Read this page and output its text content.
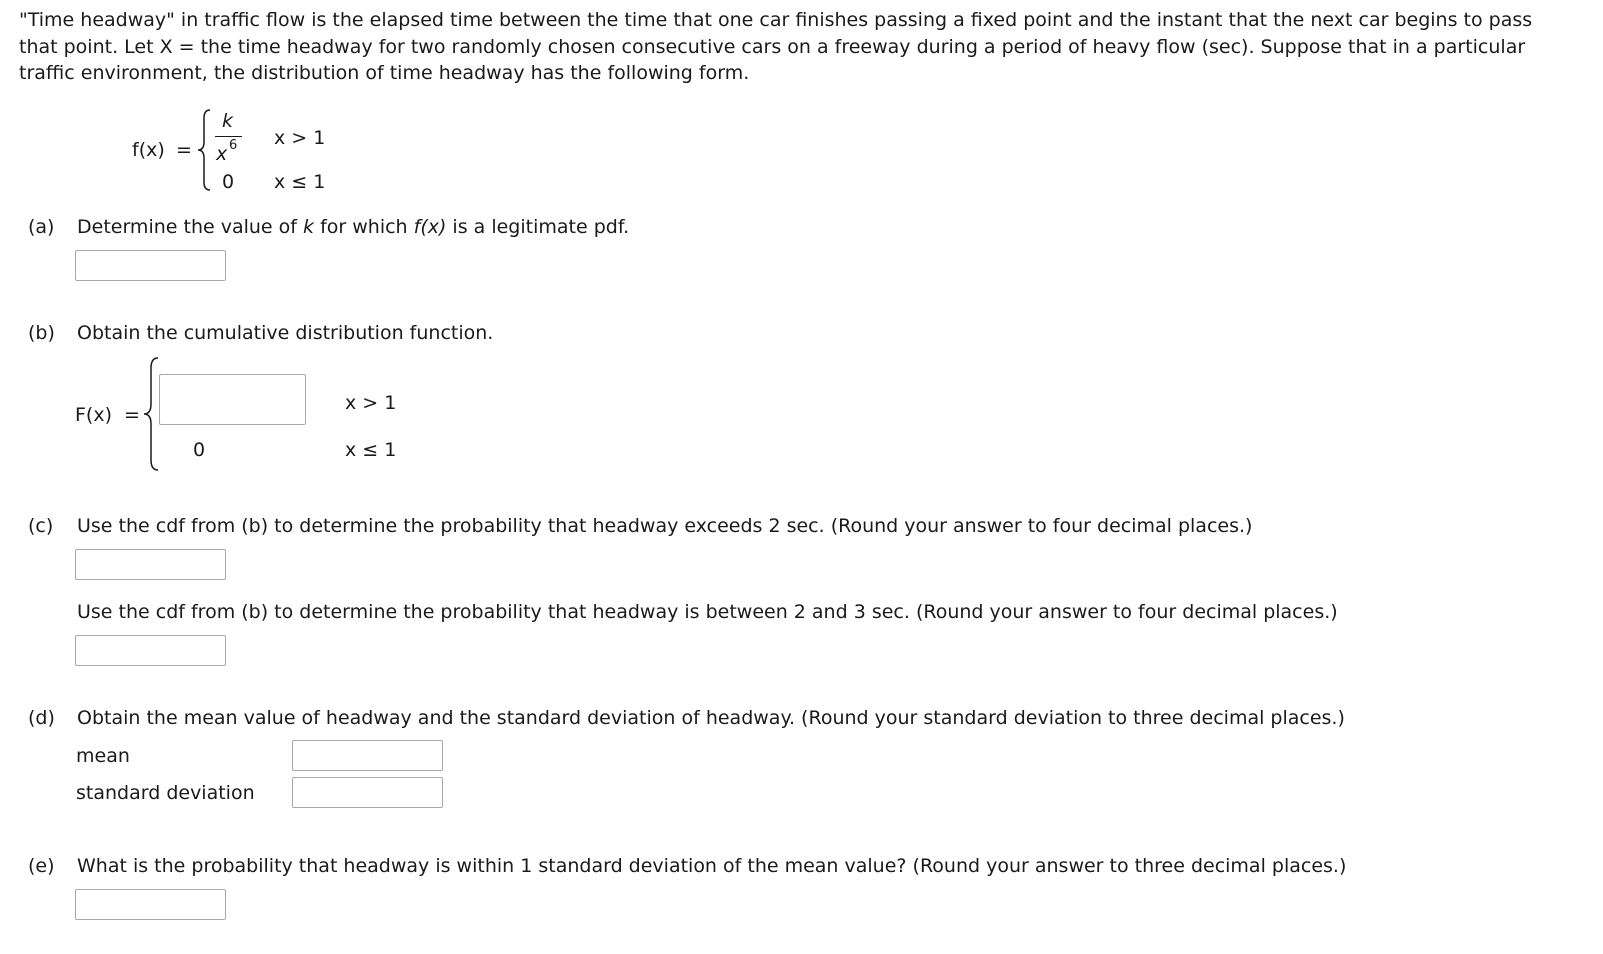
"Time headway" in traffic flow is the elapsed time between the time that one car finishes passing a fixed point and the instant that the next car begins to pass
that point. Let X = the time headway for two randomly chosen consecutive cars on a freeway during a period of heavy flow (sec). Suppose that in a particular
traffic environment, the distribution of time headway has the following form.
f(x) =
k
x 6 x > 1
0 x ≤ 1
(a) Determine the value of k for which f(x) is a legitimate pdf.
(b) Obtain the cumulative distribution function.
F(x) =
x > 1
0	x ≤ 1
(c) Use the cdf from (b) to determine the probability that headway exceeds 2 sec. (Round your answer to four decimal places.)
Use the cdf from (b) to determine the probability that headway is between 2 and 3 sec. (Round your answer to four decimal places.)
(d) Obtain the mean value of headway and the standard deviation of headway. (Round your standard deviation to three decimal places.)
mean
standard deviation
(e) What is the probability that headway is within 1 standard deviation of the mean value? (Round your answer to three decimal places.)
